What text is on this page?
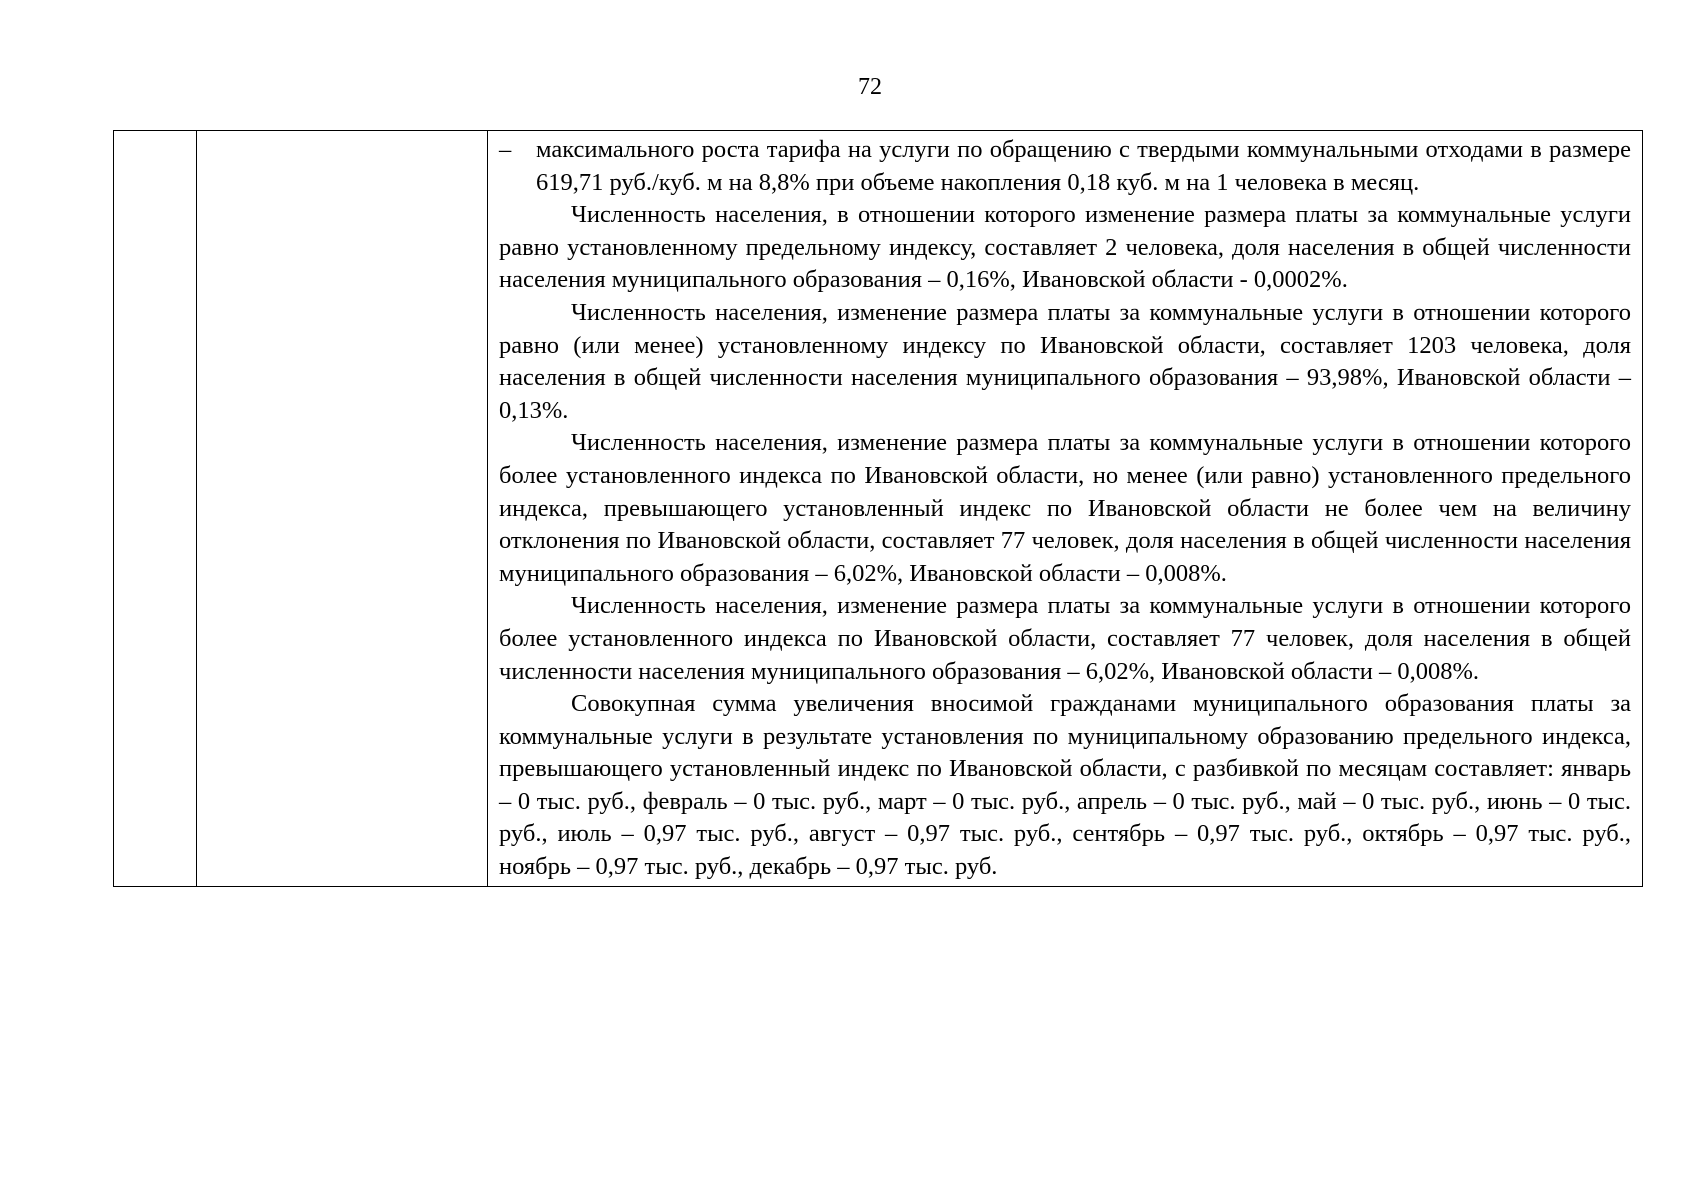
72

– максимального роста тарифа на услуги по обращению с твердыми коммунальными отходами в размере 619,71 руб./куб. м на 8,8% при объеме накопления 0,18 куб. м на 1 человека в месяц.

Численность населения, в отношении которого изменение размера платы за коммунальные услуги равно установленному предельному индексу, составляет 2 человека, доля населения в общей численности населения муниципального образования – 0,16%, Ивановской области - 0,0002%.

Численность населения, изменение размера платы за коммунальные услуги в отношении которого равно (или менее) установленному индексу по Ивановской области, составляет 1203 человека, доля населения в общей численности населения муниципального образования – 93,98%, Ивановской области – 0,13%.

Численность населения, изменение размера платы за коммунальные услуги в отношении которого более установленного индекса по Ивановской области, но менее (или равно) установленного предельного индекса, превышающего установленный индекс по Ивановской области не более чем на величину отклонения по Ивановской области, составляет 77 человек, доля населения в общей численности населения муниципального образования – 6,02%, Ивановской области – 0,008%.

Численность населения, изменение размера платы за коммунальные услуги в отношении которого более установленного индекса по Ивановской области, составляет 77 человек, доля населения в общей численности населения муниципального образования – 6,02%, Ивановской области – 0,008%.

Совокупная сумма увеличения вносимой гражданами муниципального образования платы за коммунальные услуги в результате установления по муниципальному образованию предельного индекса, превышающего установленный индекс по Ивановской области, с разбивкой по месяцам составляет: январь – 0 тыс. руб., февраль – 0 тыс. руб., март – 0 тыс. руб., апрель – 0 тыс. руб., май – 0 тыс. руб., июнь – 0 тыс. руб., июль – 0,97 тыс. руб., август – 0,97 тыс. руб., сентябрь – 0,97 тыс. руб., октябрь – 0,97 тыс. руб., ноябрь – 0,97 тыс. руб., декабрь – 0,97 тыс. руб.
